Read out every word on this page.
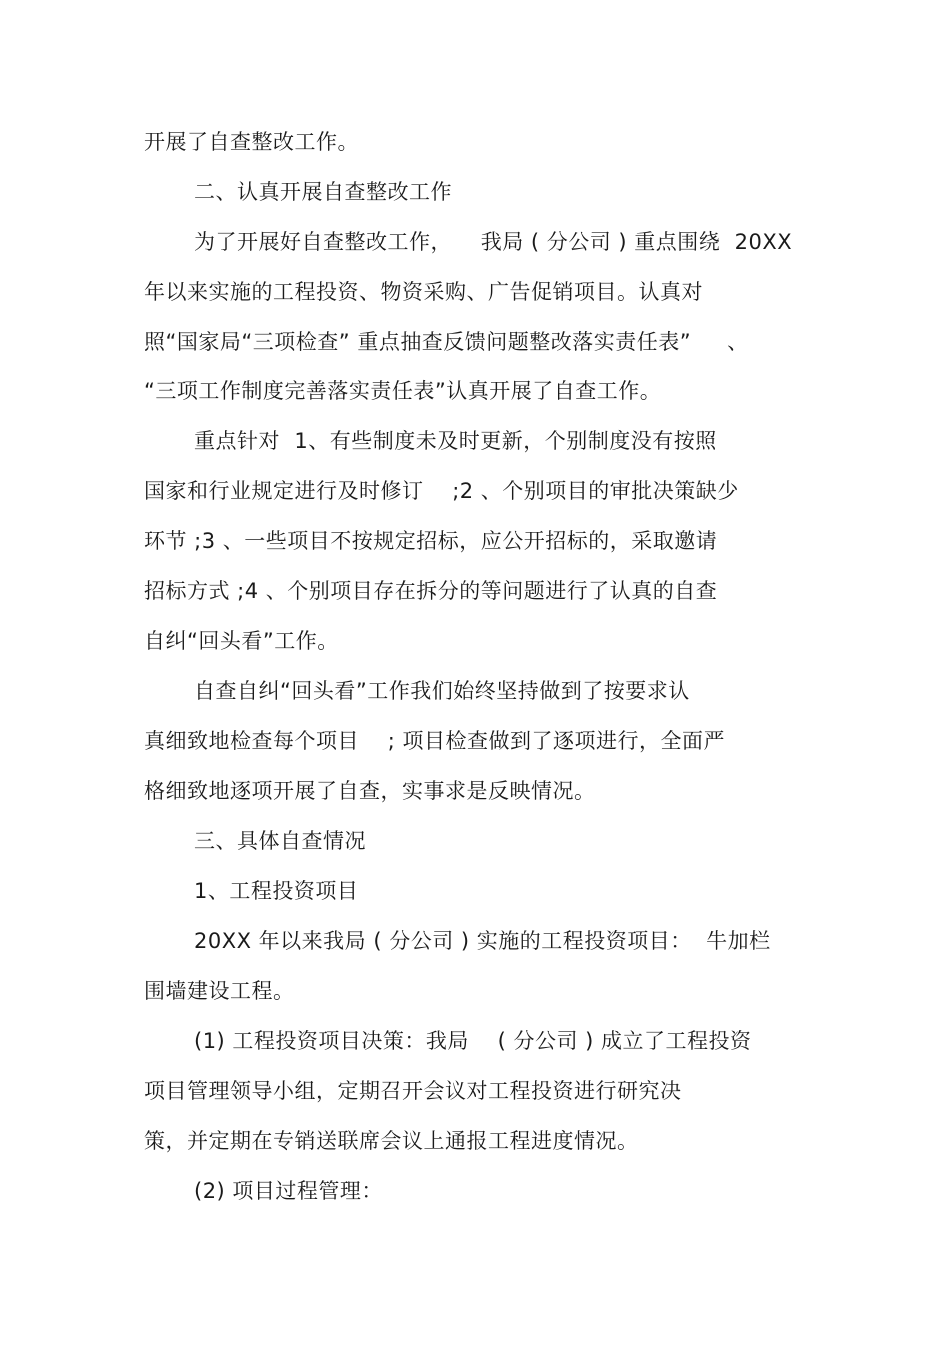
开展了自查整改工作。
二、认真开展自查整改工作
为了开展好自查整改工作，    我局 ( 分公司 ) 重点围绕  20XX
年以来实施的工程投资、物资采购、广告促销项目。认真对
照“国家局“三项检查” 重点抽查反馈问题整改落实责任表”     、
“三项工作制度完善落实责任表”认真开展了自查工作。
重点针对  1、有些制度未及时更新，个别制度没有按照
国家和行业规定进行及时修订    ;2 、个别项目的审批决策缺少
环节 ;3 、一些项目不按规定招标，应公开招标的，采取邀请
招标方式 ;4 、个别项目存在拆分的等问题进行了认真的自查
自纠“回头看”工作。
自查自纠“回头看”工作我们始终坚持做到了按要求认
真细致地检查每个项目    ; 项目检查做到了逐项进行，全面严
格细致地逐项开展了自查，实事求是反映情况。
三、具体自查情况
1、工程投资项目
20XX 年以来我局 ( 分公司 ) 实施的工程投资项目：  牛加栏
围墙建设工程。
(1) 工程投资项目决策：我局    ( 分公司 ) 成立了工程投资
项目管理领导小组，定期召开会议对工程投资进行研究决
策，并定期在专销送联席会议上通报工程进度情况。
(2) 项目过程管理：
